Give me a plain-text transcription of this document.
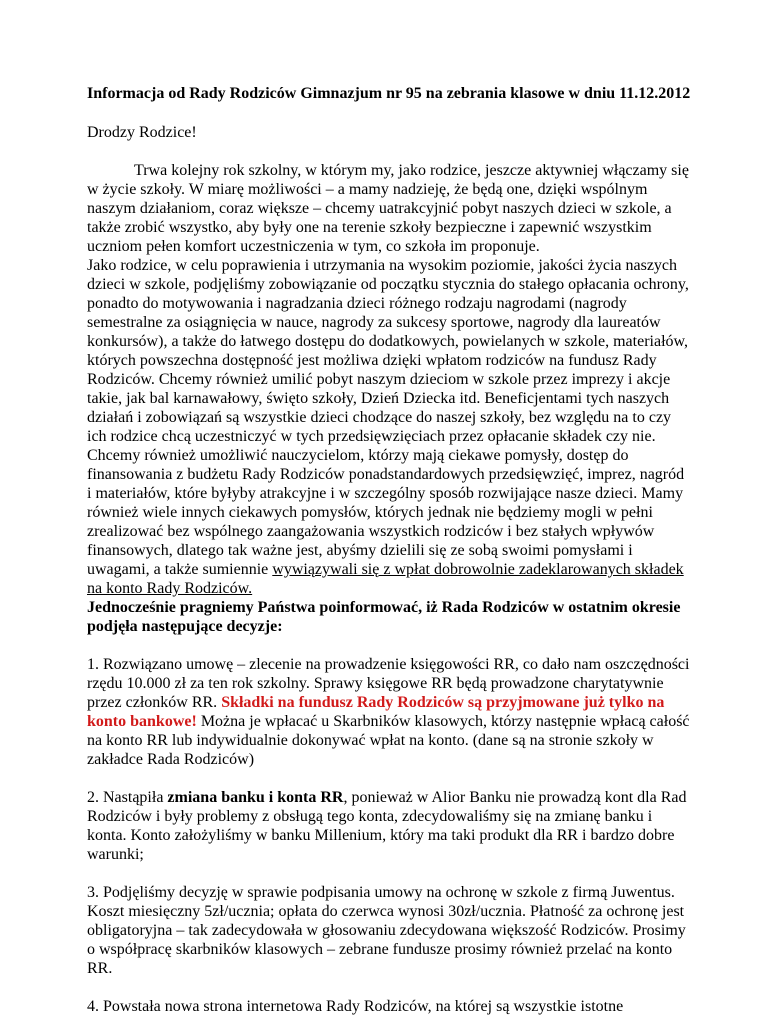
Informacja od Rady Rodziców Gimnazjum nr 95 na zebrania klasowe w dniu 11.12.2012

Drodzy Rodzice!

Trwa kolejny rok szkolny, w którym my, jako rodzice, jeszcze aktywniej włączamy się

w życie szkoły. W miarę możliwości – a mamy nadzieję, że będą one, dzięki wspólnym

naszym działaniom, coraz większe – chcemy uatrakcyjnić pobyt naszych dzieci w szkole, a

także zrobić wszystko, aby były one na terenie szkoły bezpieczne i zapewnić wszystkim

uczniom pełen komfort uczestniczenia w tym, co szkoła im proponuje.

Jako rodzice, w celu poprawienia i utrzymania na wysokim poziomie, jakości życia naszych

dzieci w szkole, podjęliśmy zobowiązanie od początku stycznia do stałego opłacania ochrony,

ponadto do motywowania i nagradzania dzieci różnego rodzaju nagrodami (nagrody

semestralne za osiągnięcia w nauce, nagrody za sukcesy sportowe, nagrody dla laureatów

konkursów), a także do łatwego dostępu do dodatkowych, powielanych w szkole, materiałów,

których powszechna dostępność jest możliwa dzięki wpłatom rodziców na fundusz Rady

Rodziców. Chcemy również umilić pobyt naszym dzieciom w szkole przez imprezy i akcje

takie, jak bal karnawałowy, święto szkoły, Dzień Dziecka itd. Beneficjentami tych naszych

działań i zobowiązań są wszystkie dzieci chodzące do naszej szkoły, bez względu na to czy

ich rodzice chcą uczestniczyć w tych przedsięwzięciach przez opłacanie składek czy nie.

Chcemy również umożliwić nauczycielom, którzy mają ciekawe pomysły, dostęp do

finansowania z budżetu Rady Rodziców ponadstandardowych przedsięwzięć, imprez, nagród

i materiałów, które byłyby atrakcyjne i w szczególny sposób rozwijające nasze dzieci. Mamy

również wiele innych ciekawych pomysłów, których jednak nie będziemy mogli w pełni

zrealizować bez wspólnego zaangażowania wszystkich rodziców i bez stałych wpływów

finansowych, dlatego tak ważne jest, abyśmy dzielili się ze sobą swoimi pomysłami i

uwagami, a także sumiennie wywiązywali się z wpłat dobrowolnie zadeklarowanych składek

na konto Rady Rodziców.

Jednocześnie pragniemy Państwa poinformować, iż Rada Rodziców w ostatnim okresie

podjęła następujące decyzje:

1. Rozwiązano umowę – zlecenie na prowadzenie księgowości RR, co dało nam oszczędności

rzędu 10.000 zł za ten rok szkolny. Sprawy księgowe RR będą prowadzone charytatywnie

przez członków RR. Składki na fundusz Rady Rodziców są przyjmowane już tylko na

konto bankowe! Można je wpłacać u Skarbników klasowych, którzy następnie wpłacą całość

na konto RR lub indywidualnie dokonywać wpłat na konto. (dane są na stronie szkoły w

zakładce Rada Rodziców)

2. Nastąpiła zmiana banku i konta RR, ponieważ w Alior Banku nie prowadzą kont dla Rad

Rodziców i były problemy z obsługą tego konta, zdecydowaliśmy się na zmianę banku i

konta. Konto założyliśmy w banku Millenium, który ma taki produkt dla RR i bardzo dobre

warunki;

3. Podjęliśmy decyzję w sprawie podpisania umowy na ochronę w szkole z firmą Juwentus.

Koszt miesięczny 5zł/ucznia; opłata do czerwca wynosi 30zł/ucznia. Płatność za ochronę jest

obligatoryjna – tak zadecydowała w głosowaniu zdecydowana większość Rodziców. Prosimy

o współpracę skarbników klasowych – zebrane fundusze prosimy również przelać na konto

RR.

4. Powstała nowa strona internetowa Rady Rodziców, na której są wszystkie istotne
